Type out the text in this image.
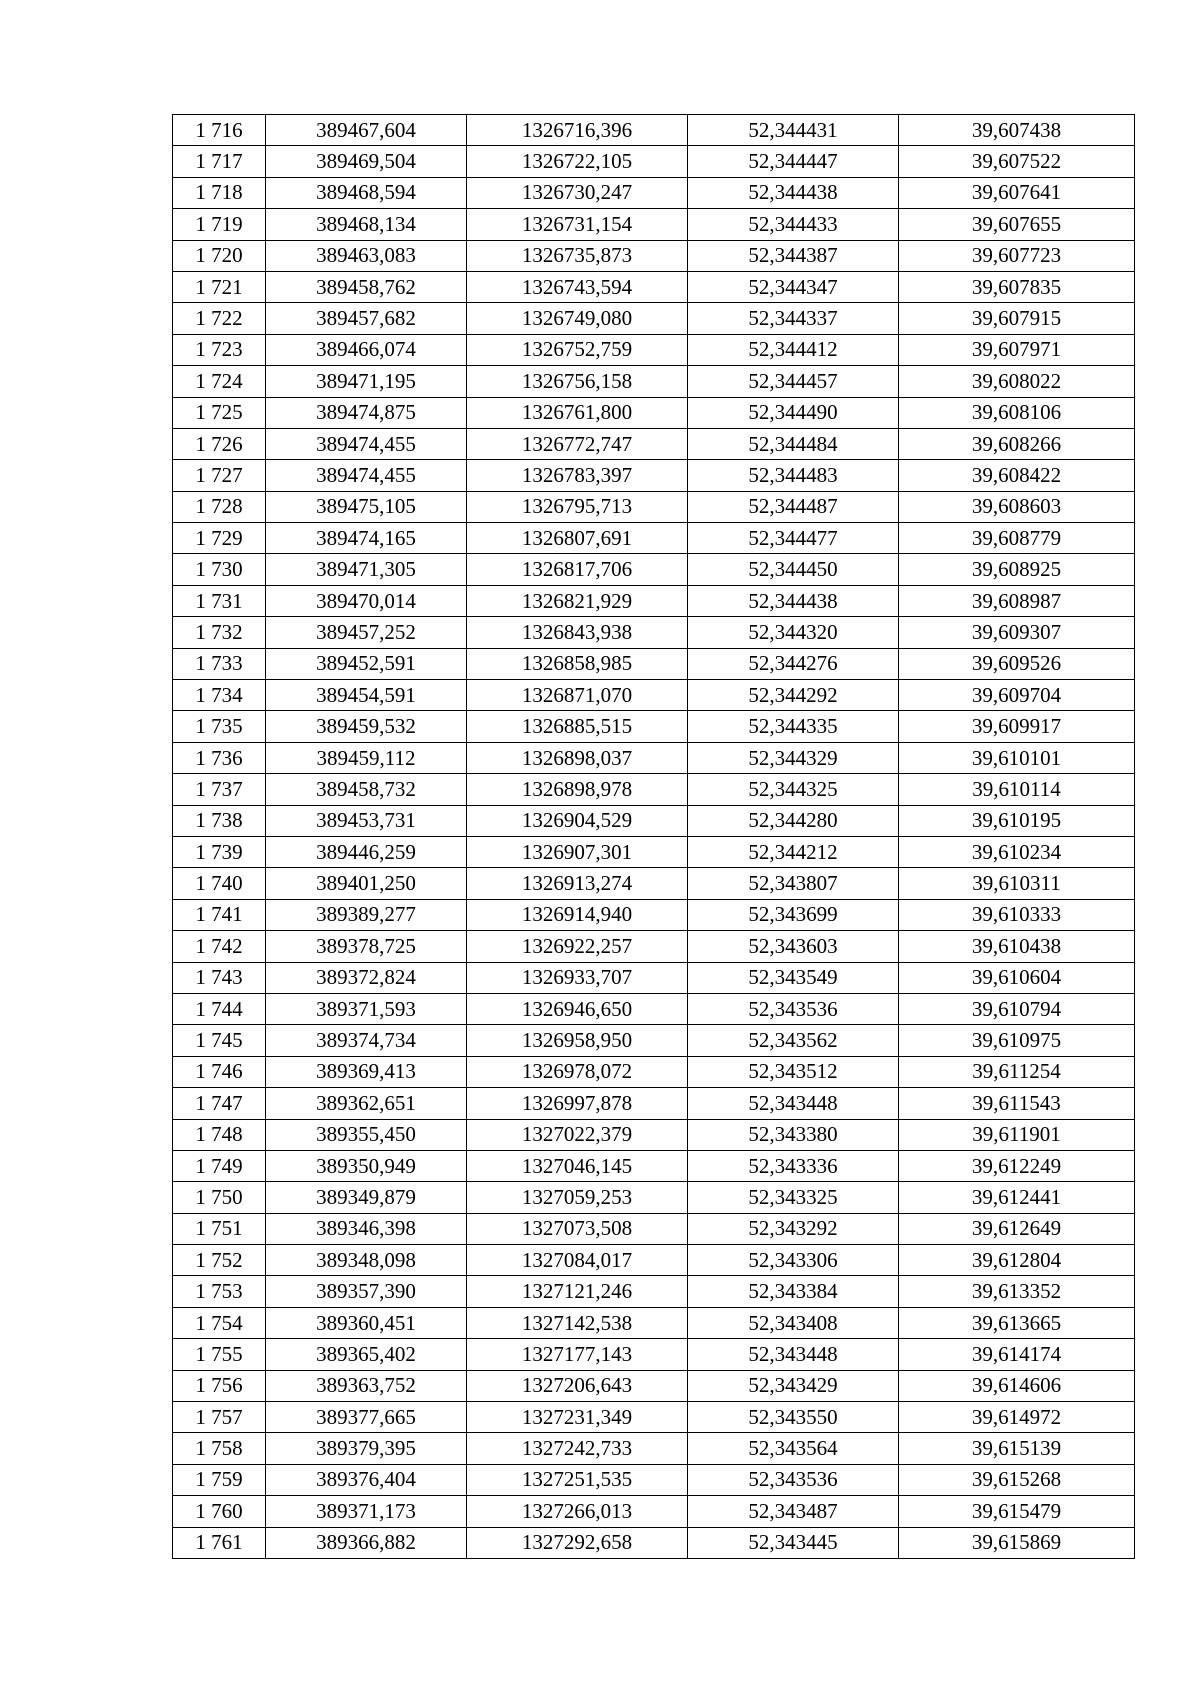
1 716	389467,604	1326716,396	52,344431	39,607438
1 717	389469,504	1326722,105	52,344447	39,607522
1 718	389468,594	1326730,247	52,344438	39,607641
1 719	389468,134	1326731,154	52,344433	39,607655
1 720	389463,083	1326735,873	52,344387	39,607723
1 721	389458,762	1326743,594	52,344347	39,607835
1 722	389457,682	1326749,080	52,344337	39,607915
1 723	389466,074	1326752,759	52,344412	39,607971
1 724	389471,195	1326756,158	52,344457	39,608022
1 725	389474,875	1326761,800	52,344490	39,608106
1 726	389474,455	1326772,747	52,344484	39,608266
1 727	389474,455	1326783,397	52,344483	39,608422
1 728	389475,105	1326795,713	52,344487	39,608603
1 729	389474,165	1326807,691	52,344477	39,608779
1 730	389471,305	1326817,706	52,344450	39,608925
1 731	389470,014	1326821,929	52,344438	39,608987
1 732	389457,252	1326843,938	52,344320	39,609307
1 733	389452,591	1326858,985	52,344276	39,609526
1 734	389454,591	1326871,070	52,344292	39,609704
1 735	389459,532	1326885,515	52,344335	39,609917
1 736	389459,112	1326898,037	52,344329	39,610101
1 737	389458,732	1326898,978	52,344325	39,610114
1 738	389453,731	1326904,529	52,344280	39,610195
1 739	389446,259	1326907,301	52,344212	39,610234
1 740	389401,250	1326913,274	52,343807	39,610311
1 741	389389,277	1326914,940	52,343699	39,610333
1 742	389378,725	1326922,257	52,343603	39,610438
1 743	389372,824	1326933,707	52,343549	39,610604
1 744	389371,593	1326946,650	52,343536	39,610794
1 745	389374,734	1326958,950	52,343562	39,610975
1 746	389369,413	1326978,072	52,343512	39,611254
1 747	389362,651	1326997,878	52,343448	39,611543
1 748	389355,450	1327022,379	52,343380	39,611901
1 749	389350,949	1327046,145	52,343336	39,612249
1 750	389349,879	1327059,253	52,343325	39,612441
1 751	389346,398	1327073,508	52,343292	39,612649
1 752	389348,098	1327084,017	52,343306	39,612804
1 753	389357,390	1327121,246	52,343384	39,613352
1 754	389360,451	1327142,538	52,343408	39,613665
1 755	389365,402	1327177,143	52,343448	39,614174
1 756	389363,752	1327206,643	52,343429	39,614606
1 757	389377,665	1327231,349	52,343550	39,614972
1 758	389379,395	1327242,733	52,343564	39,615139
1 759	389376,404	1327251,535	52,343536	39,615268
1 760	389371,173	1327266,013	52,343487	39,615479
1 761	389366,882	1327292,658	52,343445	39,615869
